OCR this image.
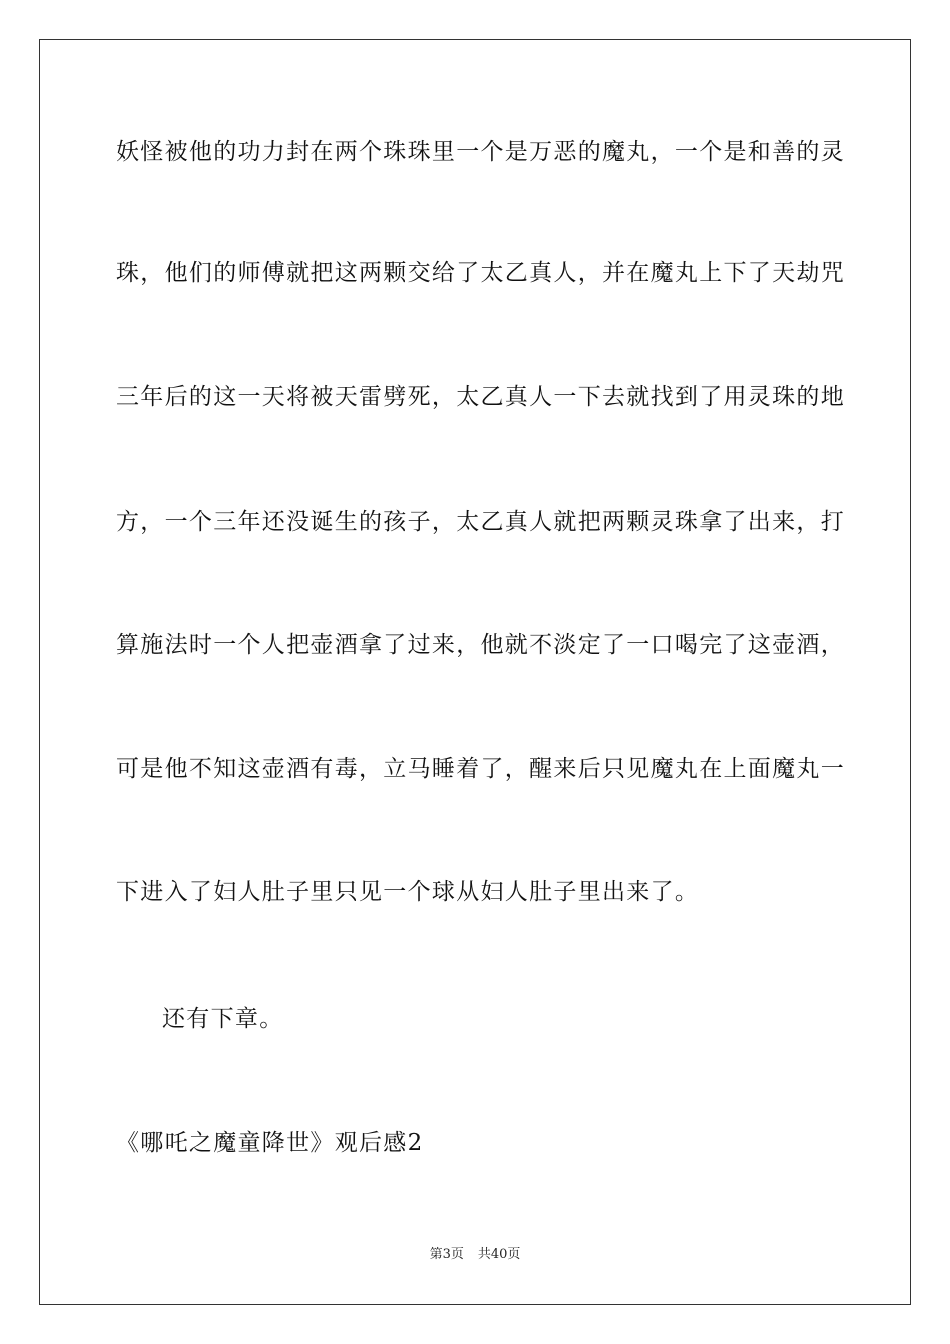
妖怪被他的功力封在两个珠珠里一个是万恶的魔丸，一个是和善的灵
珠，他们的师傅就把这两颗交给了太乙真人，并在魔丸上下了天劫咒
三年后的这一天将被天雷劈死，太乙真人一下去就找到了用灵珠的地
方，一个三年还没诞生的孩子，太乙真人就把两颗灵珠拿了出来，打
算施法时一个人把壶酒拿了过来，他就不淡定了一口喝完了这壶酒，
可是他不知这壶酒有毒，立马睡着了，醒来后只见魔丸在上面魔丸一
下进入了妇人肚子里只见一个球从妇人肚子里出来了。
还有下章。
《哪吒之魔童降世》观后感2
第3页 共40页
